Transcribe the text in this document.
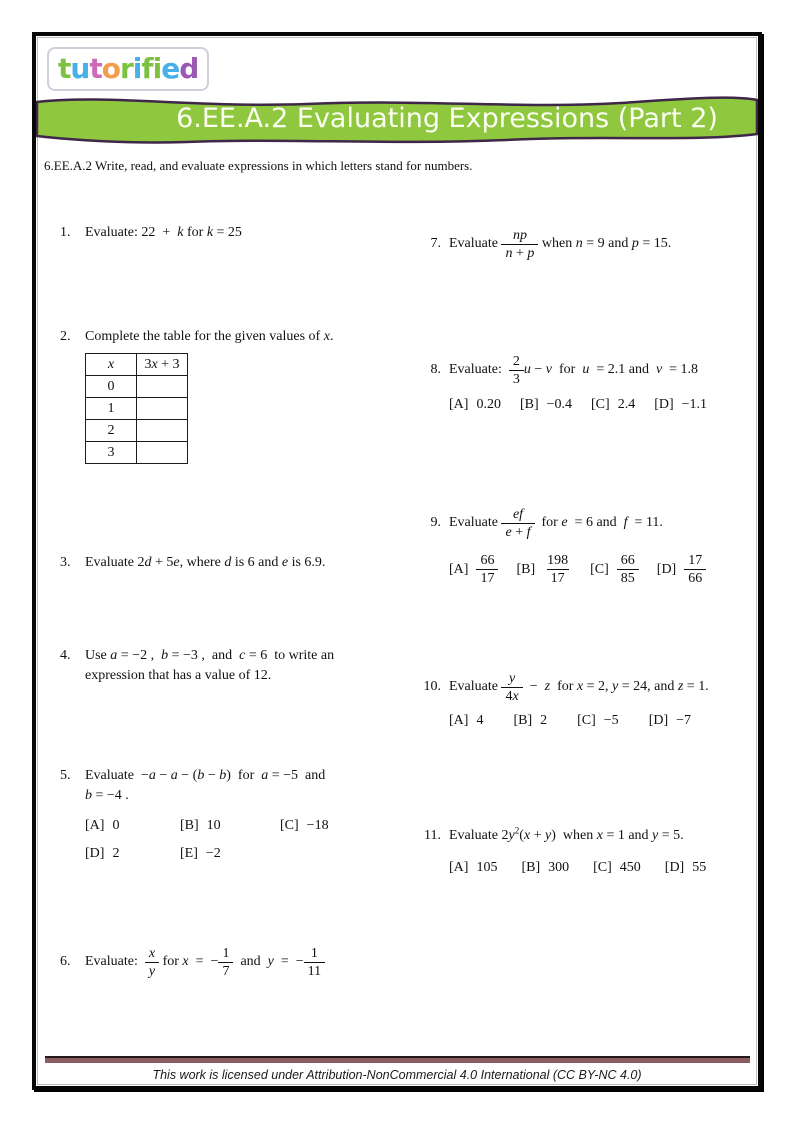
tutorified
6.EE.A.2 Evaluating Expressions (Part 2)
6.EE.A.2 Write, read, and evaluate expressions in which letters stand for numbers.
1. Evaluate: 22  +  k for k = 25
2. Complete the table for the given values of x.
x	3x + 3
0	
1	
2	
3	
3. Evaluate 2d + 5e, where d is 6 and e is 6.9.
4. Use a = −2 ,  b = −3 ,  and  c = 6  to write an
expression that has a value of 12.
5. Evaluate  −a − a − (b − b)  for  a = −5  and
b = −4 .
[A] 0	[B] 10	[C] −18
[D] 2	[E] −2
6.	Evaluate: $\frac{x}{y}$ for x  =  − $\frac{1}{7}$ and  y  =  − $\frac{1}{11}$
7. Evaluate $\frac{np}{n + p}$ when n = 9 and p = 15.
8. Evaluate: $\frac{2}{3}$ u − v  for  u  = 2.1 and  v  = 1.8
[A] 0.20 [B] −0.4 [C] 2.4 [D] −1.1
9. Evaluate $\frac{ef}{e + f}$ for e  = 6 and  f  = 11.
$[A] \frac{66}{17} [B] \frac{198}{17} [C] \frac{66}{85} [D] \frac{17}{66}$
10. Evaluate $\frac{y}{4x} - z$  for x = 2, y = 24, and z = 1.
[A] 4 [B] 2 [C] −5 [D] −7
11. Evaluate $2y^2(x + y)$  when x = 1 and y = 5.
[A] 105 [B] 300 [C] 450 [D] 55
This work is licensed under Attribution-NonCommercial 4.0 International (CC BY-NC 4.0)
